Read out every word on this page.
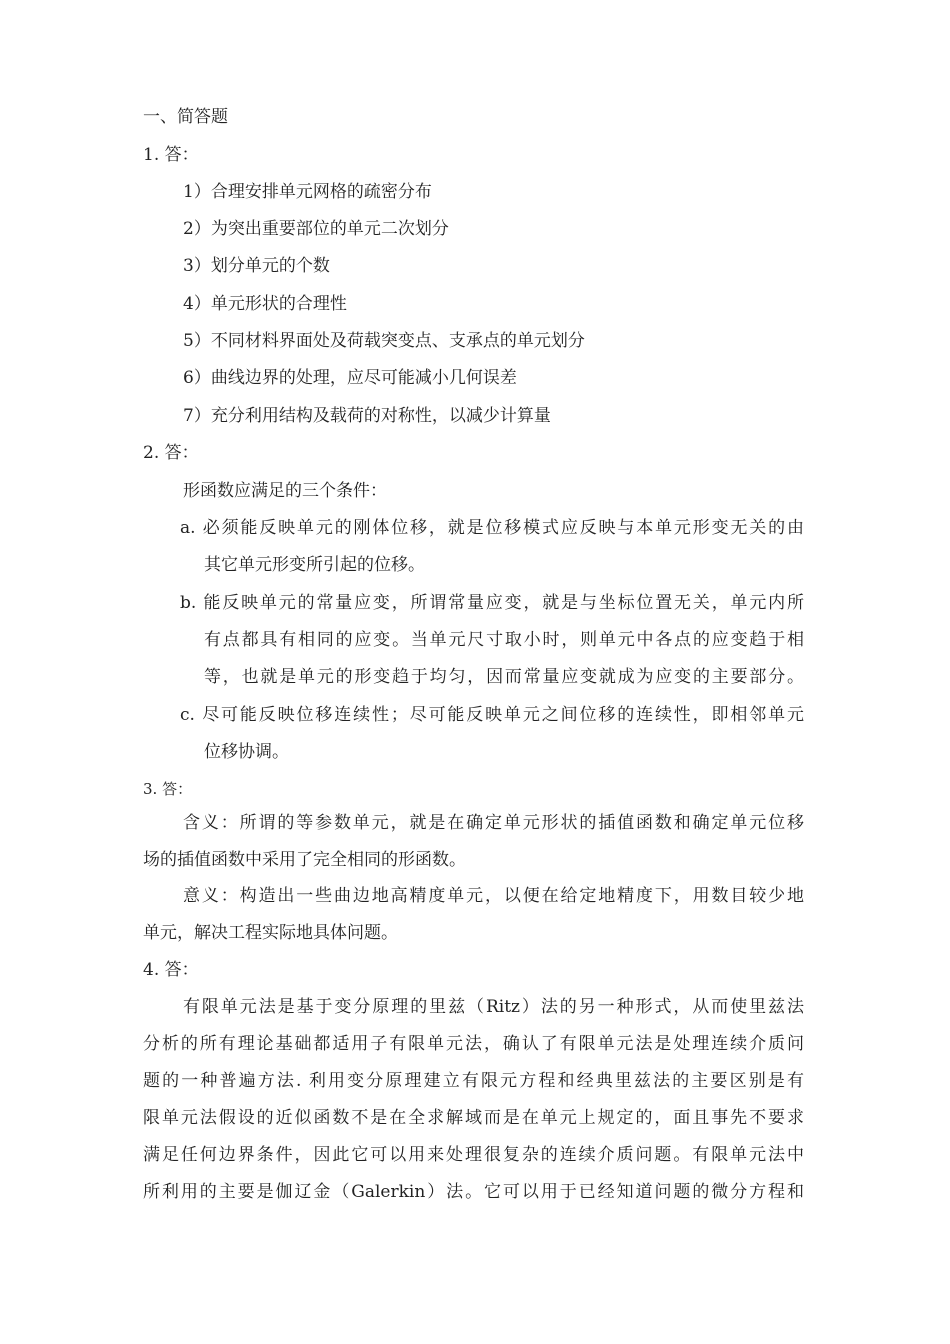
一、简答题
1. 答：
1）合理安排单元网格的疏密分布
2）为突出重要部位的单元二次划分
3）划分单元的个数
4）单元形状的合理性
5）不同材料界面处及荷载突变点、支承点的单元划分
6）曲线边界的处理，应尽可能减小几何误差
7）充分利用结构及载荷的对称性，以减少计算量
2. 答：
形函数应满足的三个条件：
a. 必须能反映单元的刚体位移，就是位移模式应反映与本单元形变无关的由
其它单元形变所引起的位移。
b. 能反映单元的常量应变，所谓常量应变，就是与坐标位置无关，单元内所
有点都具有相同的应变。当单元尺寸取小时，则单元中各点的应变趋于相
等，也就是单元的形变趋于均匀，因而常量应变就成为应变的主要部分。
c. 尽可能反映位移连续性；尽可能反映单元之间位移的连续性，即相邻单元
位移协调。
3. 答：
含义：所谓的等参数单元，就是在确定单元形状的插值函数和确定单元位移
场的插值函数中采用了完全相同的形函数。
意义：构造出一些曲边地高精度单元，以便在给定地精度下，用数目较少地
单元，解决工程实际地具体问题。
4. 答：
有限单元法是基于变分原理的里兹（Ritz）法的另一种形式，从而使里兹法
分析的所有理论基础都适用子有限单元法，确认了有限单元法是处理连续介质问
题的一种普遍方法. 利用变分原理建立有限元方程和经典里兹法的主要区别是有
限单元法假设的近似函数不是在全求解域而是在单元上规定的，面且事先不要求
满足任何边界条件，因此它可以用来处理很复杂的连续介质问题。有限单元法中
所利用的主要是伽辽金（Galerkin）法。它可以用于已经知道问题的微分方程和
